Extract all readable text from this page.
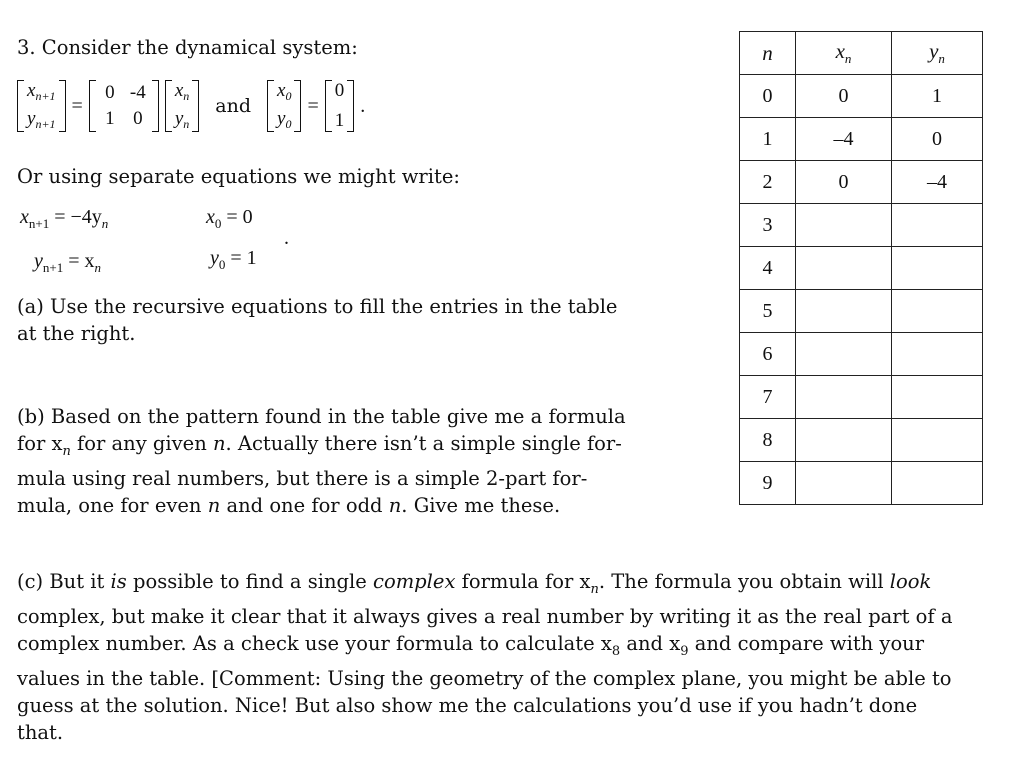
3. Consider the dynamical system:
$x_{n+1}$
$y_{n+1}$
=
0 -4
1 0
$x_n$
$y_n$
and
$x_0$
$y_0$
=
0
1
.
Or using separate equations we might write:
$x_{n+1} = -4y_n$
$y_{n+1} = x_n$
$x_0 = 0$
$y_0 = 1$
.
(a) Use the recursive equations to fill the entries in the table
at the right.
(b) Based on the pattern found in the table give me a formula
for $x_n$ for any given n. Actually there isn’t a simple single for-
mula using real numbers, but there is a simple 2-part for-
mula, one for even n and one for odd n. Give me these.
(c) But it is possible to find a single complex formula for $x_n$. The formula you obtain will look
complex, but make it clear that it always gives a real number by writing it as the real part of a
complex number. As a check use your formula to calculate $x_8$ and $x_9$ and compare with your
values in the table. [Comment: Using the geometry of the complex plane, you might be able to
guess at the solution. Nice! But also show me the calculations you’d use if you hadn’t done
that.
n	$x_n$	$y_n$
0	0	1
1	–4	0
2	0	–4
3		
4		
5		
6		
7		
8		
9		
